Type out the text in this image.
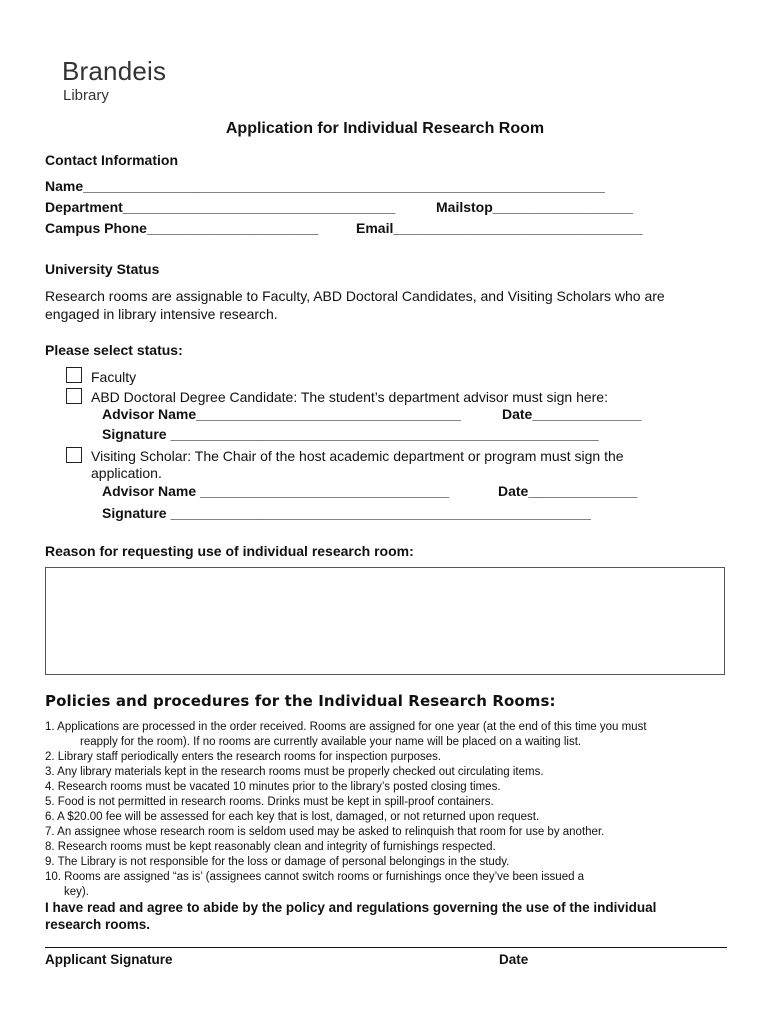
Brandeis
Library
Application for Individual Research Room
Contact Information
Name___________________________________________________________________
Department___________________________________	Mailstop__________________
Campus Phone______________________	Email________________________________
University Status
Research rooms are assignable to Faculty, ABD Doctoral Candidates, and Visiting Scholars who are
engaged in library intensive research.
Please select status:
Faculty
ABD Doctoral Degree Candidate: The student’s department advisor must sign here:
Advisor Name__________________________________	Date______________
Signature _______________________________________________________
Visiting Scholar: The Chair of the host academic department or program must sign the
application.
Advisor Name ________________________________	Date______________
Signature ______________________________________________________
Reason for requesting use of individual research room:
Policies and procedures for the Individual Research Rooms:
1. Applications are processed in the order received. Rooms are assigned for one year (at the end of this time you must
reapply for the room). If no rooms are currently available your name will be placed on a waiting list.
2. Library staff periodically enters the research rooms for inspection purposes.
3. Any library materials kept in the research rooms must be properly checked out circulating items.
4. Research rooms must be vacated 10 minutes prior to the library’s posted closing times.
5. Food is not permitted in research rooms. Drinks must be kept in spill-proof containers.
6. A $20.00 fee will be assessed for each key that is lost, damaged, or not returned upon request.
7. An assignee whose research room is seldom used may be asked to relinquish that room for use by another.
8. Research rooms must be kept reasonably clean and integrity of furnishings respected.
9. The Library is not responsible for the loss or damage of personal belongings in the study.
10. Rooms are assigned “as is’ (assignees cannot switch rooms or furnishings once they’ve been issued a
key).
I have read and agree to abide by the policy and regulations governing the use of the individual
research rooms.
Applicant Signature	Date
